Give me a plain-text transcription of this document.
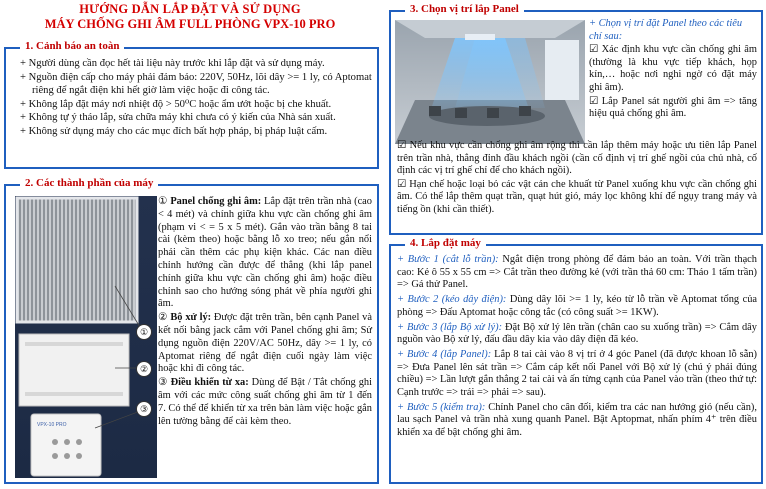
HƯỚNG DẪN LẮP ĐẶT VÀ SỬ DỤNG
MÁY CHỐNG GHI ÂM FULL PHÒNG VPX-10 PRO
1. Cảnh báo an toàn
+ Người dùng cần đọc hết tài liệu này trước khi lắp đặt và sử dụng máy.
+ Nguồn điện cấp cho máy phải đảm bảo: 220V, 50Hz, lõi dây >= 1 ly, có Aptomat riêng để ngắt điện khi hết giờ làm việc hoặc đi công tác.
+ Không lắp đặt máy nơi nhiệt độ > 50⁰C hoặc ẩm ướt hoặc bị che khuất.
+ Không tự ý tháo lắp, sửa chữa máy khi chưa có ý kiến của Nhà sản xuất.
+ Không sử dụng máy cho các mục đích bất hợp pháp, bị pháp luật cấm.
2. Các thành phần của máy
VPX-10 PRO
①
②
③

① Panel chống ghi âm: Lắp đặt trên trần nhà (cao < 4 mét) và chính giữa khu vực cần chống ghi âm (phạm vi < = 5 x 5 mét). Gắn vào trần bằng 8 tai cài (kèm theo) hoặc bằng lỗ xo treo; nếu gắn nổi phải cần thêm các phụ kiện khác. Các nan điều chỉnh hướng cần được để thẳng (khi lắp panel chính giữa khu vực cần chống ghi âm) hoặc điều chỉnh sao cho hướng sóng phát về phía người ghi âm.

② Bộ xử lý: Được đặt trên trần, bên cạnh Panel và kết nối bằng jack cắm với Panel chống ghi âm; Sử dụng nguồn điện 220V/AC 50Hz, dây >= 1 ly, có Aptomat riêng để ngắt điện cuối ngày làm việc hoặc khi đi công tác.

③ Điều khiển từ xa: Dùng để Bật / Tắt chống ghi âm với các mức công suất chống ghi âm từ 1 đến 7. Có thể để khiển từ xa trên bàn làm việc hoặc gắn lên tường bằng để cài kèm theo.

3. Chọn vị trí lắp Panel

+ Chọn vị trí đặt Panel theo các tiêu chí sau:

☑ Xác định khu vực cần chống ghi âm (thường là khu vực tiếp khách, họp kín,… hoặc nơi nghi ngờ có đặt máy ghi âm).

☑ Lắp Panel sát người ghi âm => tăng hiệu quả chống ghi âm.

☑ Nếu khu vực cần chống ghi âm rộng thì cần lắp thêm máy hoặc ưu tiên lắp Panel trên trần nhà, thẳng đỉnh đầu khách ngồi (cần cố định vị trí ghế ngồi của chủ nhà, cố định các vị trí ghế chỉ để cho khách ngồi).

☑ Hạn chế hoặc loại bỏ các vật cản che khuất từ Panel xuống khu vực cần chống ghi âm. Có thể lắp thêm quạt trần, quạt hút gió, máy lọc không khí để ngụy trang máy và tiếng ồn (khi cần thiết).

4. Lắp đặt máy

+ Bước 1 (cắt lỗ trần): Ngắt điện trong phòng để đảm bảo an toàn. Với trần thạch cao: Kẻ ô 55 x 55 cm => Cắt trần theo đường kẻ (với trần thả 60 cm: Tháo 1 tấm trần) => Gá thử Panel.

+ Bước 2 (kéo dây điện): Dùng dây lõi >= 1 ly, kéo từ lỗ trần về Aptomat tổng của phòng => Đấu Aptomat hoặc công tắc (có công suất >= 1KW).

+ Bước 3 (lắp Bộ xử lý): Đặt Bộ xử lý lên trần (chân cao su xuống trần) => Cắm dây nguồn vào Bộ xử lý, đấu đầu dây kia vào dây điện đã kéo.

+ Bước 4 (lắp Panel): Lắp 8 tai cài vào 8 vị trí ở 4 góc Panel (đã được khoan lỗ sẵn) => Đưa Panel lên sát trần => Cắm cáp kết nối Panel với Bộ xử lý (chú ý phải đúng chiều) => Lần lượt gắn thẳng 2 tai cài và ấn từng cạnh của Panel vào trần (theo thứ tự: Cạnh trước => trái => phải => sau).

+ Bước 5 (kiểm tra): Chỉnh Panel cho cân đối, kiểm tra các nan hướng gió (nếu cần), lau sạch Panel và trần nhà xung quanh Panel. Bật Aptopmat, nhấn phím 4⁺ trên điều khiển xa để bật chống ghi âm.
